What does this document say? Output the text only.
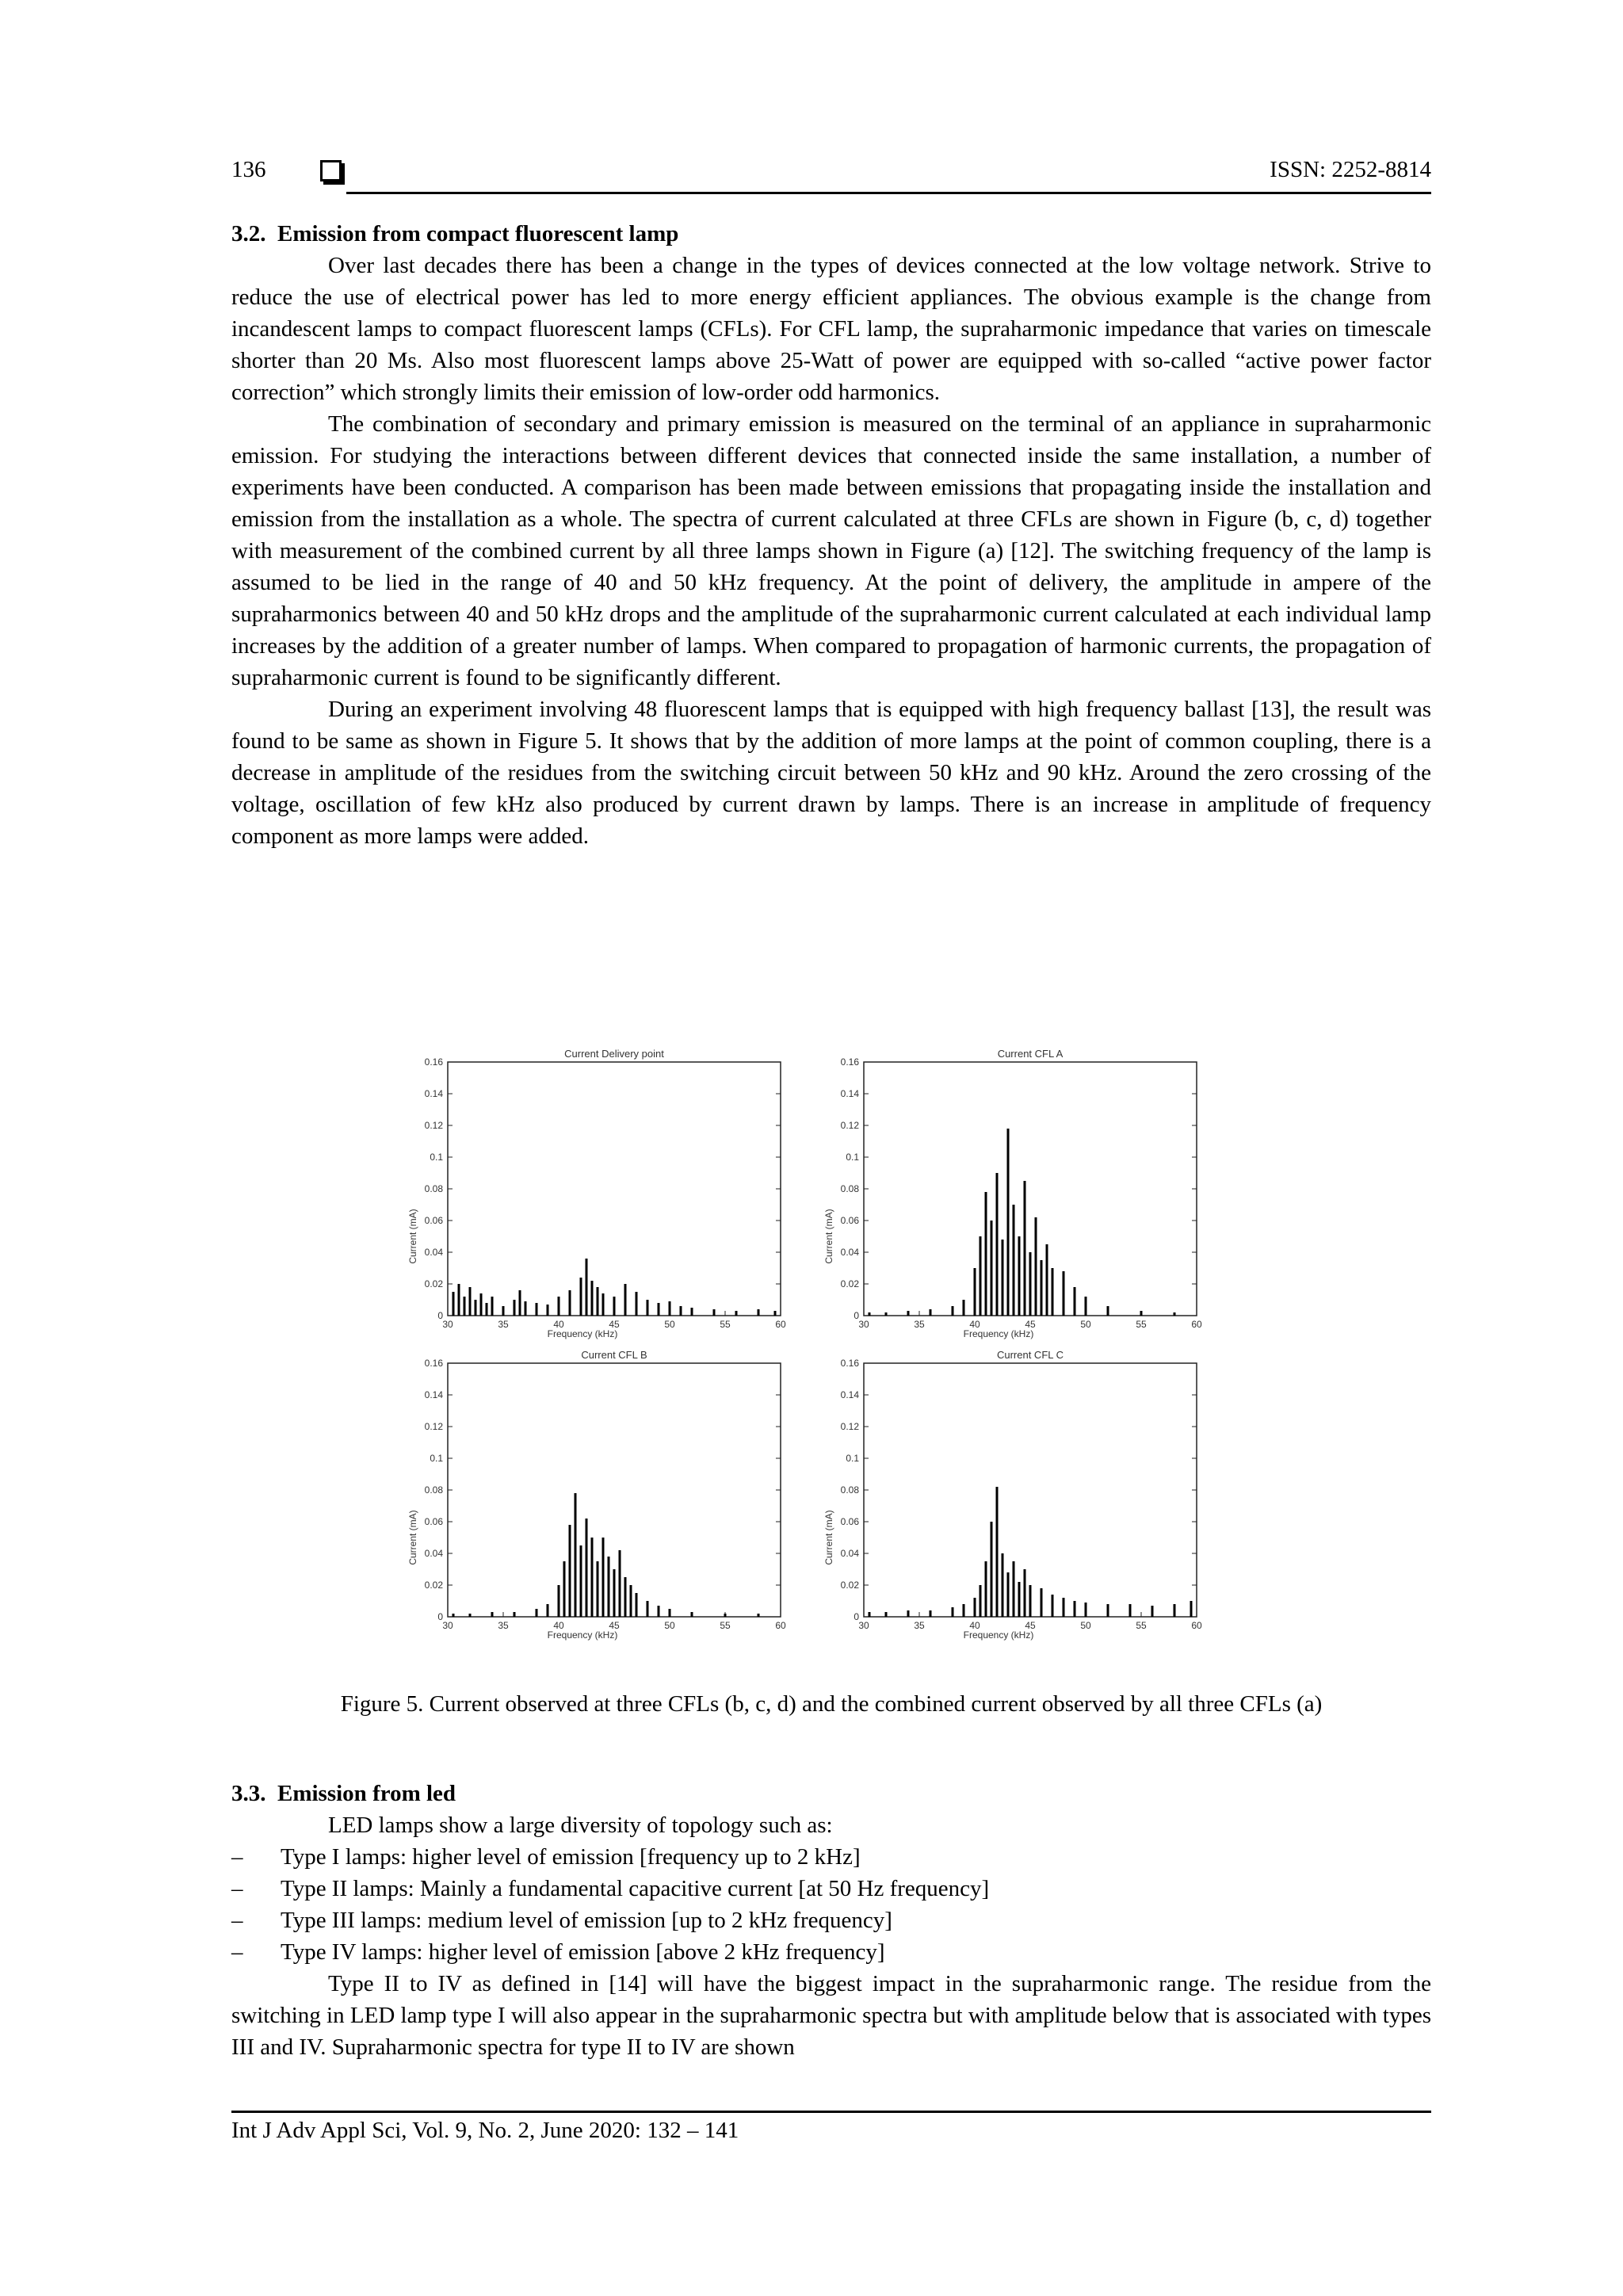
136	ISSN: 2252-8814
3.2. Emission from compact fluorescent lamp

Over last decades there has been a change in the types of devices connected at the low voltage network. Strive to reduce the use of electrical power has led to more energy efficient appliances. The obvious example is the change from incandescent lamps to compact fluorescent lamps (CFLs). For CFL lamp, the supraharmonic impedance that varies on timescale shorter than 20 Ms. Also most fluorescent lamps above 25-Watt of power are equipped with so-called “active power factor correction” which strongly limits their emission of low-order odd harmonics.

The combination of secondary and primary emission is measured on the terminal of an appliance in supraharmonic emission. For studying the interactions between different devices that connected inside the same installation, a number of experiments have been conducted. A comparison has been made between emissions that propagating inside the installation and emission from the installation as a whole. The spectra of current calculated at three CFLs are shown in Figure (b, c, d) together with measurement of the combined current by all three lamps shown in Figure (a) [12]. The switching frequency of the lamp is assumed to be lied in the range of 40 and 50 kHz frequency. At the point of delivery, the amplitude in ampere of the supraharmonics between 40 and 50 kHz drops and the amplitude of the supraharmonic current calculated at each individual lamp increases by the addition of a greater number of lamps. When compared to propagation of harmonic currents, the propagation of supraharmonic current is found to be significantly different.

During an experiment involving 48 fluorescent lamps that is equipped with high frequency ballast [13], the result was found to be same as shown in Figure 5. It shows that by the addition of more lamps at the point of common coupling, there is a decrease in amplitude of the residues from the switching circuit between 50 kHz and 90 kHz. Around the zero crossing of the voltage, oscillation of few kHz also produced by current drawn by lamps. There is an increase in amplitude of frequency component as more lamps were added.

Current Delivery point
0
0.02
0.04
0.06
0.08
0.1
0.12
0.14
0.16
30	35	40	45	50	55	60
Frequency (kHz)
Current (mA)
Current CFL A
0
0.02
0.04
0.06
0.08
0.1
0.12
0.14
0.16
30	35	40	45	50	55	60
Frequency (kHz)
Current (mA)
Current CFL B
0
0.02
0.04
0.06
0.08
0.1
0.12
0.14
0.16
30	35	40	45	50	55	60
Frequency (kHz)
Current (mA)
Current CFL C
0
0.02
0.04
0.06
0.08
0.1
0.12
0.14
0.16
30	35	40	45	50	55	60
Frequency (kHz)
Current (mA)
Figure 5. Current observed at three CFLs (b, c, d) and the combined current observed by all three CFLs (a)
3.3. Emission from led

LED lamps show a large diversity of topology such as:

– Type I lamps: higher level of emission [frequency up to 2 kHz]
– Type II lamps: Mainly a fundamental capacitive current [at 50 Hz frequency]
– Type III lamps: medium level of emission [up to 2 kHz frequency]
– Type IV lamps: higher level of emission [above 2 kHz frequency]

Type II to IV as defined in [14] will have the biggest impact in the supraharmonic range. The residue from the switching in LED lamp type I will also appear in the supraharmonic spectra but with amplitude below that is associated with types III and IV. Supraharmonic spectra for type II to IV are shown

Int J Adv Appl Sci, Vol. 9, No. 2, June 2020: 132 – 141
